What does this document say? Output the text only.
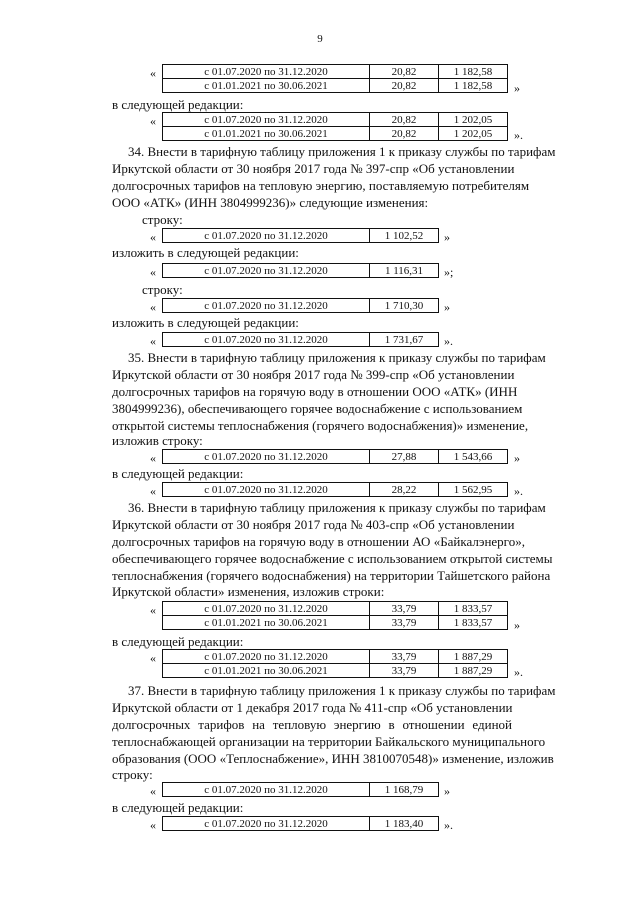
9
«	с 01.07.2020 по 31.12.2020	20,82	1 182,58
с 01.01.2021 по 30.06.2021	20,82	1 182,58 »
в следующей редакции:
«	с 01.07.2020 по 31.12.2020	20,82	1 202,05
с 01.01.2021 по 30.06.2021	20,82	1 202,05 ».
34. Внести в тарифную таблицу приложения 1 к приказу службы по тарифам
Иркутской области от 30 ноября 2017 года № 397-спр «Об установлении
долгосрочных тарифов на тепловую энергию, поставляемую потребителям
ООО «АТК» (ИНН 3804999236)» следующие изменения:
строку:
«	с 01.07.2020 по 31.12.2020	1 102,52 »
изложить в следующей редакции:
«	с 01.07.2020 по 31.12.2020	1 116,31 »;
строку:
«	с 01.07.2020 по 31.12.2020	1 710,30 »
изложить в следующей редакции:
«	с 01.07.2020 по 31.12.2020	1 731,67 ».
35. Внести в тарифную таблицу приложения к приказу службы по тарифам
Иркутской области от 30 ноября 2017 года № 399-спр «Об установлении
долгосрочных тарифов на горячую воду в отношении ООО «АТК» (ИНН
3804999236), обеспечивающего горячее водоснабжение с использованием
открытой системы теплоснабжения (горячего водоснабжения)» изменение,
изложив строку:
«	с 01.07.2020 по 31.12.2020	27,88	1 543,66 »
в следующей редакции:
«	с 01.07.2020 по 31.12.2020	28,22	1 562,95 ».
36. Внести в тарифную таблицу приложения к приказу службы по тарифам
Иркутской области от 30 ноября 2017 года № 403-спр «Об установлении
долгосрочных тарифов на горячую воду в отношении АО «Байкалэнерго»,
обеспечивающего горячее водоснабжение с использованием открытой системы
теплоснабжения (горячего водоснабжения) на территории Тайшетского района
Иркутской области» изменения, изложив строки:
«	с 01.07.2020 по 31.12.2020	33,79	1 833,57
с 01.01.2021 по 30.06.2021	33,79	1 833,57 »
в следующей редакции:
«	с 01.07.2020 по 31.12.2020	33,79	1 887,29
с 01.01.2021 по 30.06.2021	33,79	1 887,29 ».
37. Внести в тарифную таблицу приложения 1 к приказу службы по тарифам
Иркутской области от 1 декабря 2017 года № 411-спр «Об установлении
долгосрочных тарифов на тепловую энергию в отношении единой
теплоснабжающей организации на территории Байкальского муниципального
образования (ООО «Теплоснабжение», ИНН 3810070548)» изменение, изложив
строку:
«	с 01.07.2020 по 31.12.2020	1 168,79 »
в следующей редакции:
«	с 01.07.2020 по 31.12.2020	1 183,40 ».
